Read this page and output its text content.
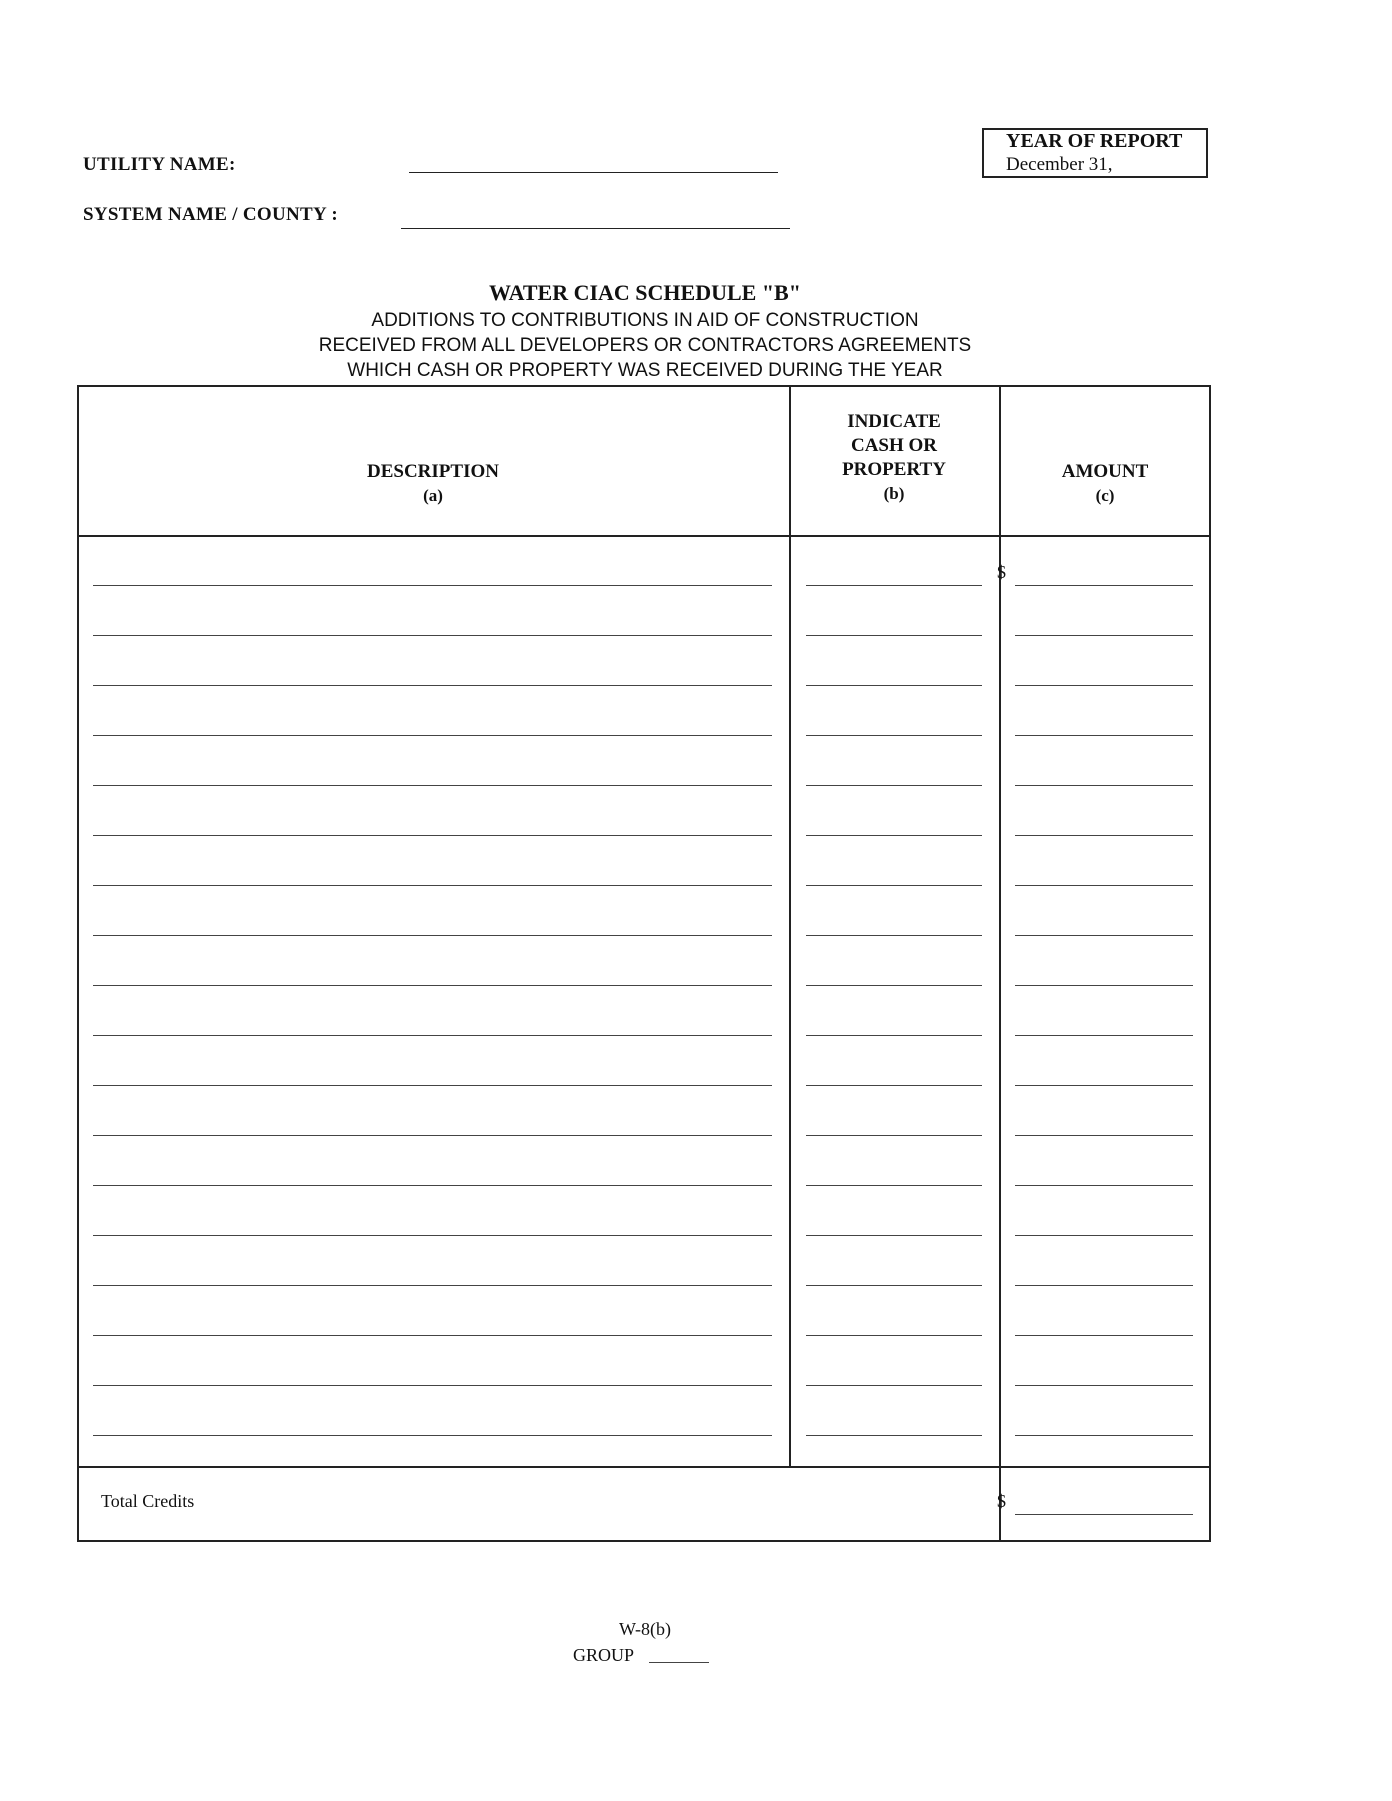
UTILITY NAME:
SYSTEM NAME / COUNTY :
YEAR OF REPORT
December 31,
WATER CIAC SCHEDULE "B"
ADDITIONS TO CONTRIBUTIONS IN AID OF CONSTRUCTION
RECEIVED FROM ALL DEVELOPERS OR CONTRACTORS AGREEMENTS
WHICH CASH OR PROPERTY WAS RECEIVED DURING THE YEAR
DESCRIPTION
(a)
INDICATE
CASH OR
PROPERTY
(b)
AMOUNT
(c)
$
Total Credits	$
W-8(b)
GROUP
